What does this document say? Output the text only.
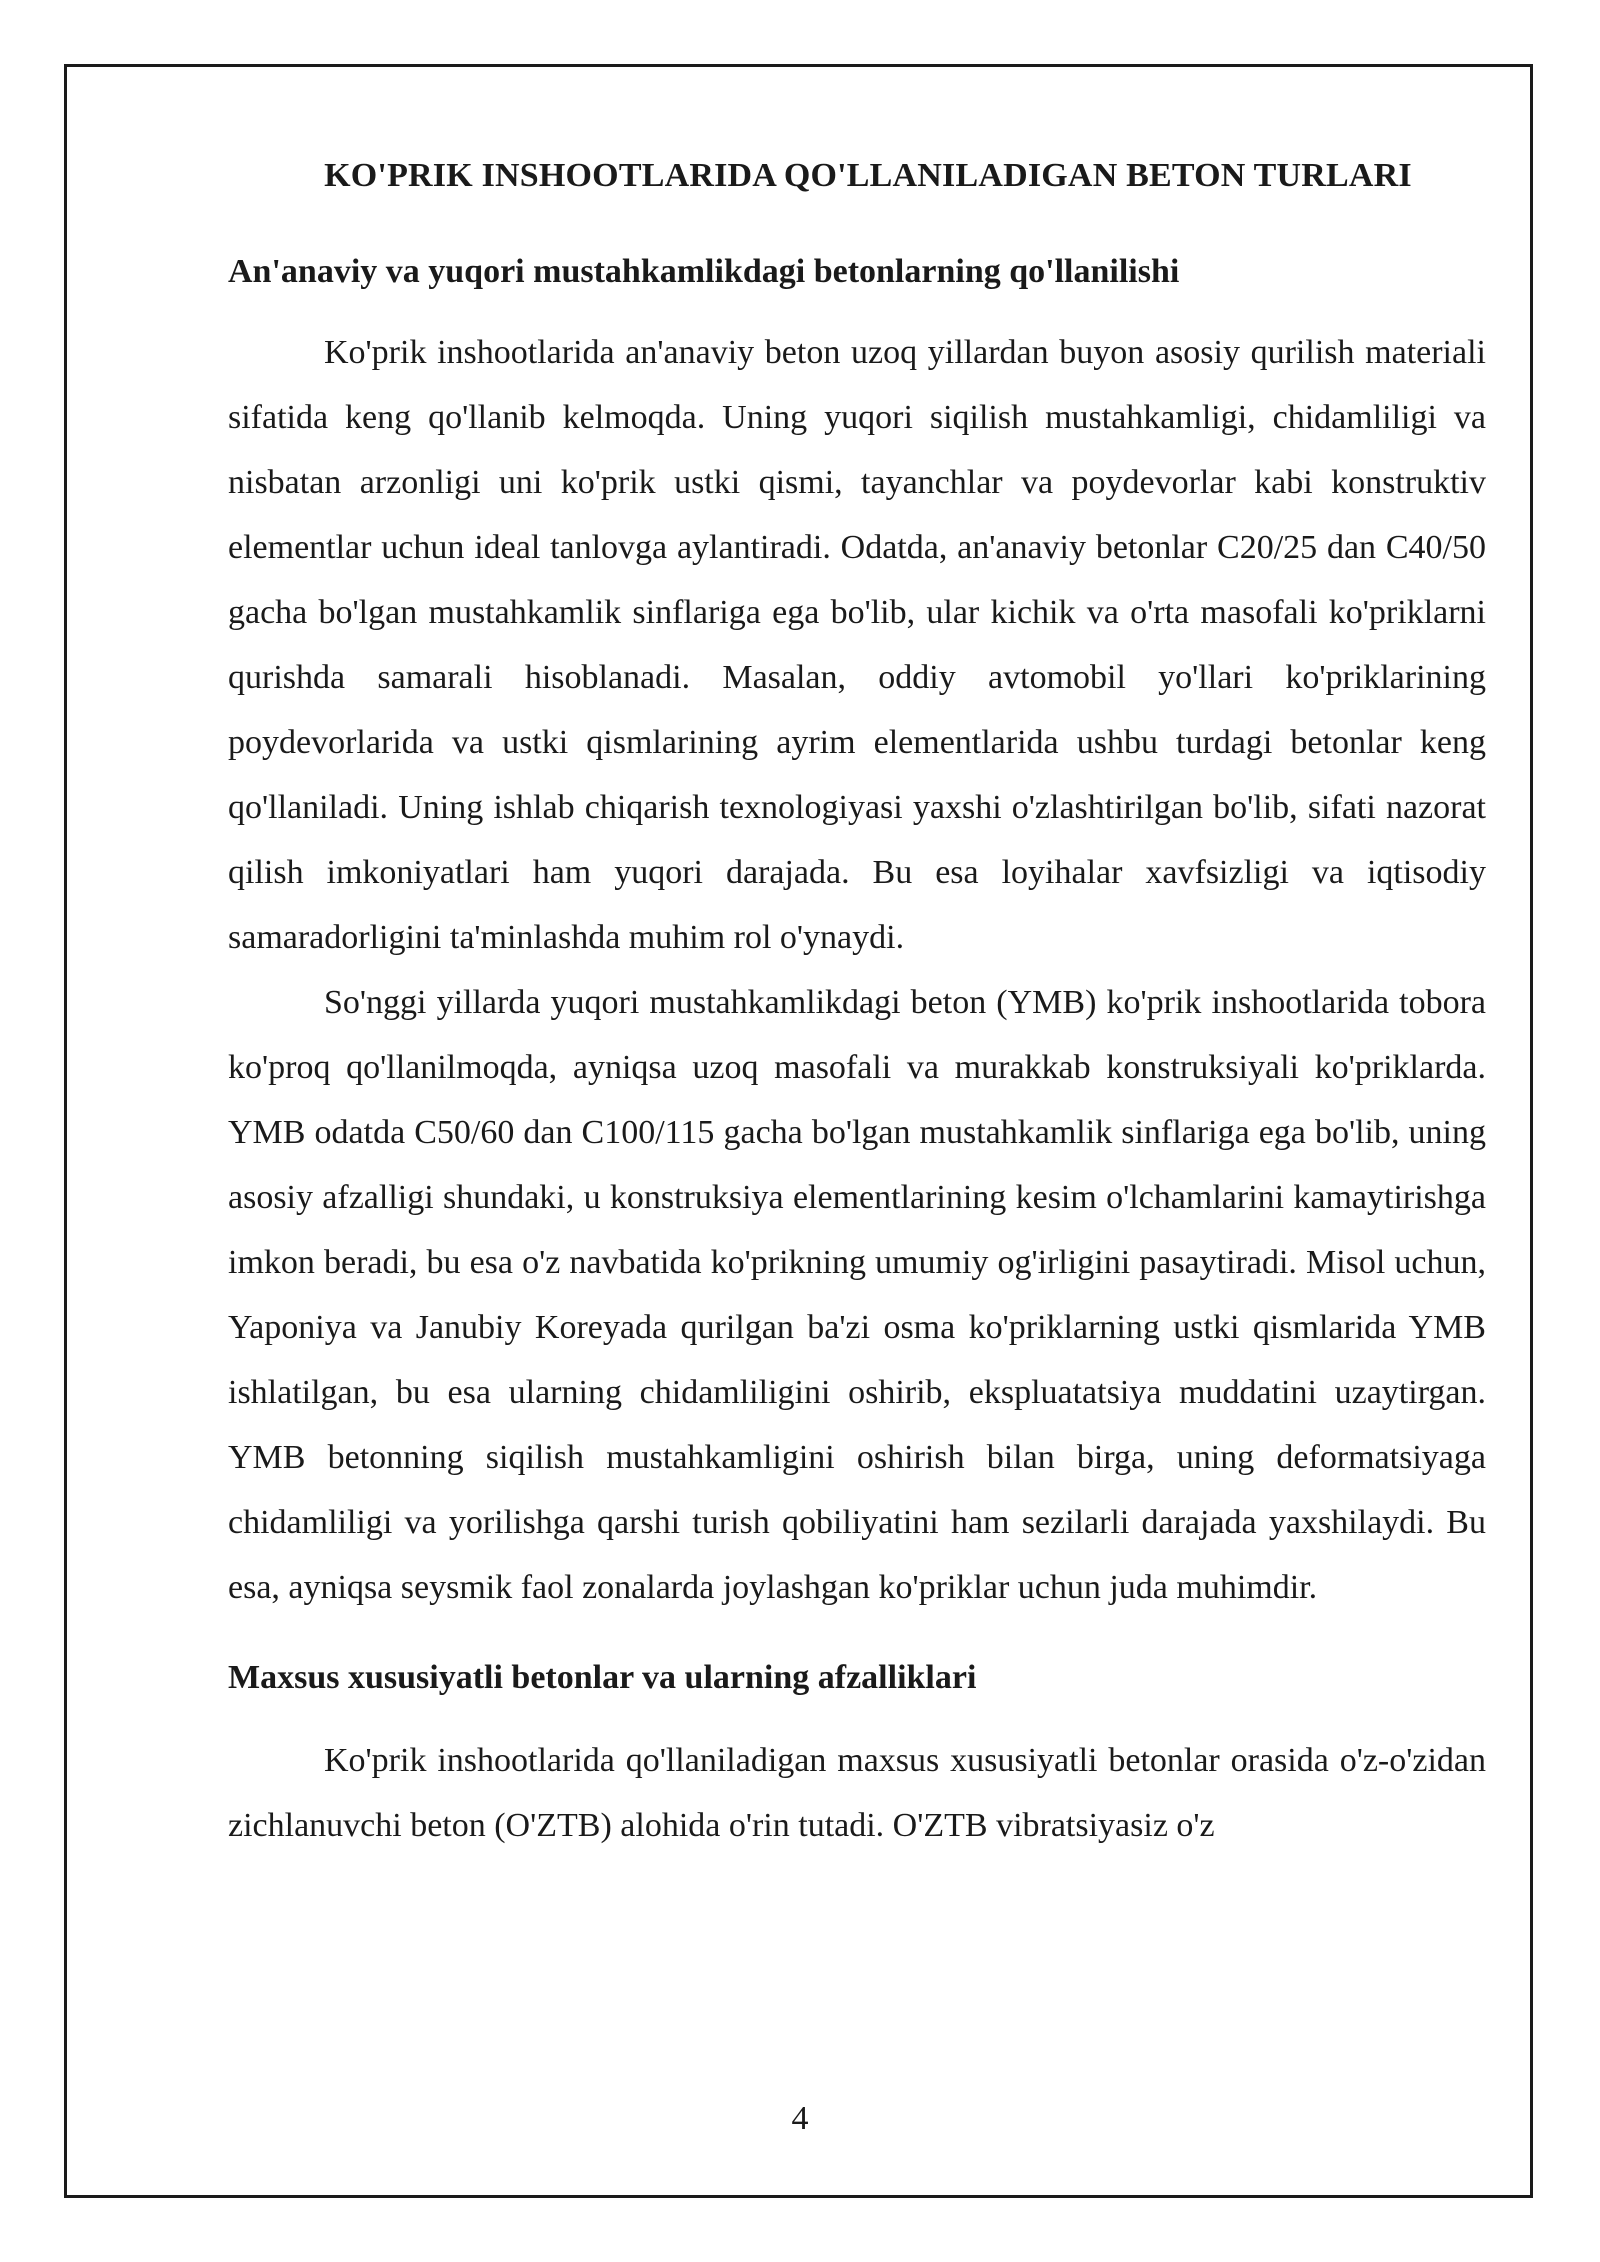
KO'PRIK INSHOOTLARIDA QO'LLANILADIGAN BETON TURLARI
An'anaviy va yuqori mustahkamlikdagi betonlarning qo'llanilishi

Ko'prik inshootlarida an'anaviy beton uzoq yillardan buyon asosiy qurilish materiali sifatida keng qo'llanib kelmoqda. Uning yuqori siqilish mustahkamligi, chidamliligi va nisbatan arzonligi uni ko'prik ustki qismi, tayanchlar va poydevorlar kabi konstruktiv elementlar uchun ideal tanlovga aylantiradi. Odatda, an'anaviy betonlar C20/25 dan C40/50 gacha bo'lgan mustahkamlik sinflariga ega bo'lib, ular kichik va o'rta masofali ko'priklarni qurishda samarali hisoblanadi. Masalan, oddiy avtomobil yo'llari ko'priklarining poydevorlarida va ustki qismlarining ayrim elementlarida ushbu turdagi betonlar keng qo'llaniladi. Uning ishlab chiqarish texnologiyasi yaxshi o'zlashtirilgan bo'lib, sifati nazorat qilish imkoniyatlari ham yuqori darajada. Bu esa loyihalar xavfsizligi va iqtisodiy samaradorligini ta'minlashda muhim rol o'ynaydi.

So'nggi yillarda yuqori mustahkamlikdagi beton (YMB) ko'prik inshootlarida tobora ko'proq qo'llanilmoqda, ayniqsa uzoq masofali va murakkab konstruksiyali ko'priklarda. YMB odatda C50/60 dan C100/115 gacha bo'lgan mustahkamlik sinflariga ega bo'lib, uning asosiy afzalligi shundaki, u konstruksiya elementlarining kesim o'lchamlarini kamaytirishga imkon beradi, bu esa o'z navbatida ko'prikning umumiy og'irligini pasaytiradi. Misol uchun, Yaponiya va Janubiy Koreyada qurilgan ba'zi osma ko'priklarning ustki qismlarida YMB ishlatilgan, bu esa ularning chidamliligini oshirib, ekspluatatsiya muddatini uzaytirgan. YMB betonning siqilish mustahkamligini oshirish bilan birga, uning deformatsiyaga chidamliligi va yorilishga qarshi turish qobiliyatini ham sezilarli darajada yaxshilaydi. Bu esa, ayniqsa seysmik faol zonalarda joylashgan ko'priklar uchun juda muhimdir.

Maxsus xususiyatli betonlar va ularning afzalliklari

Ko'prik inshootlarida qo'llaniladigan maxsus xususiyatli betonlar orasida o'z-o'zidan zichlanuvchi beton (O'ZTB) alohida o'rin tutadi. O'ZTB vibratsiyasiz o'z

4
